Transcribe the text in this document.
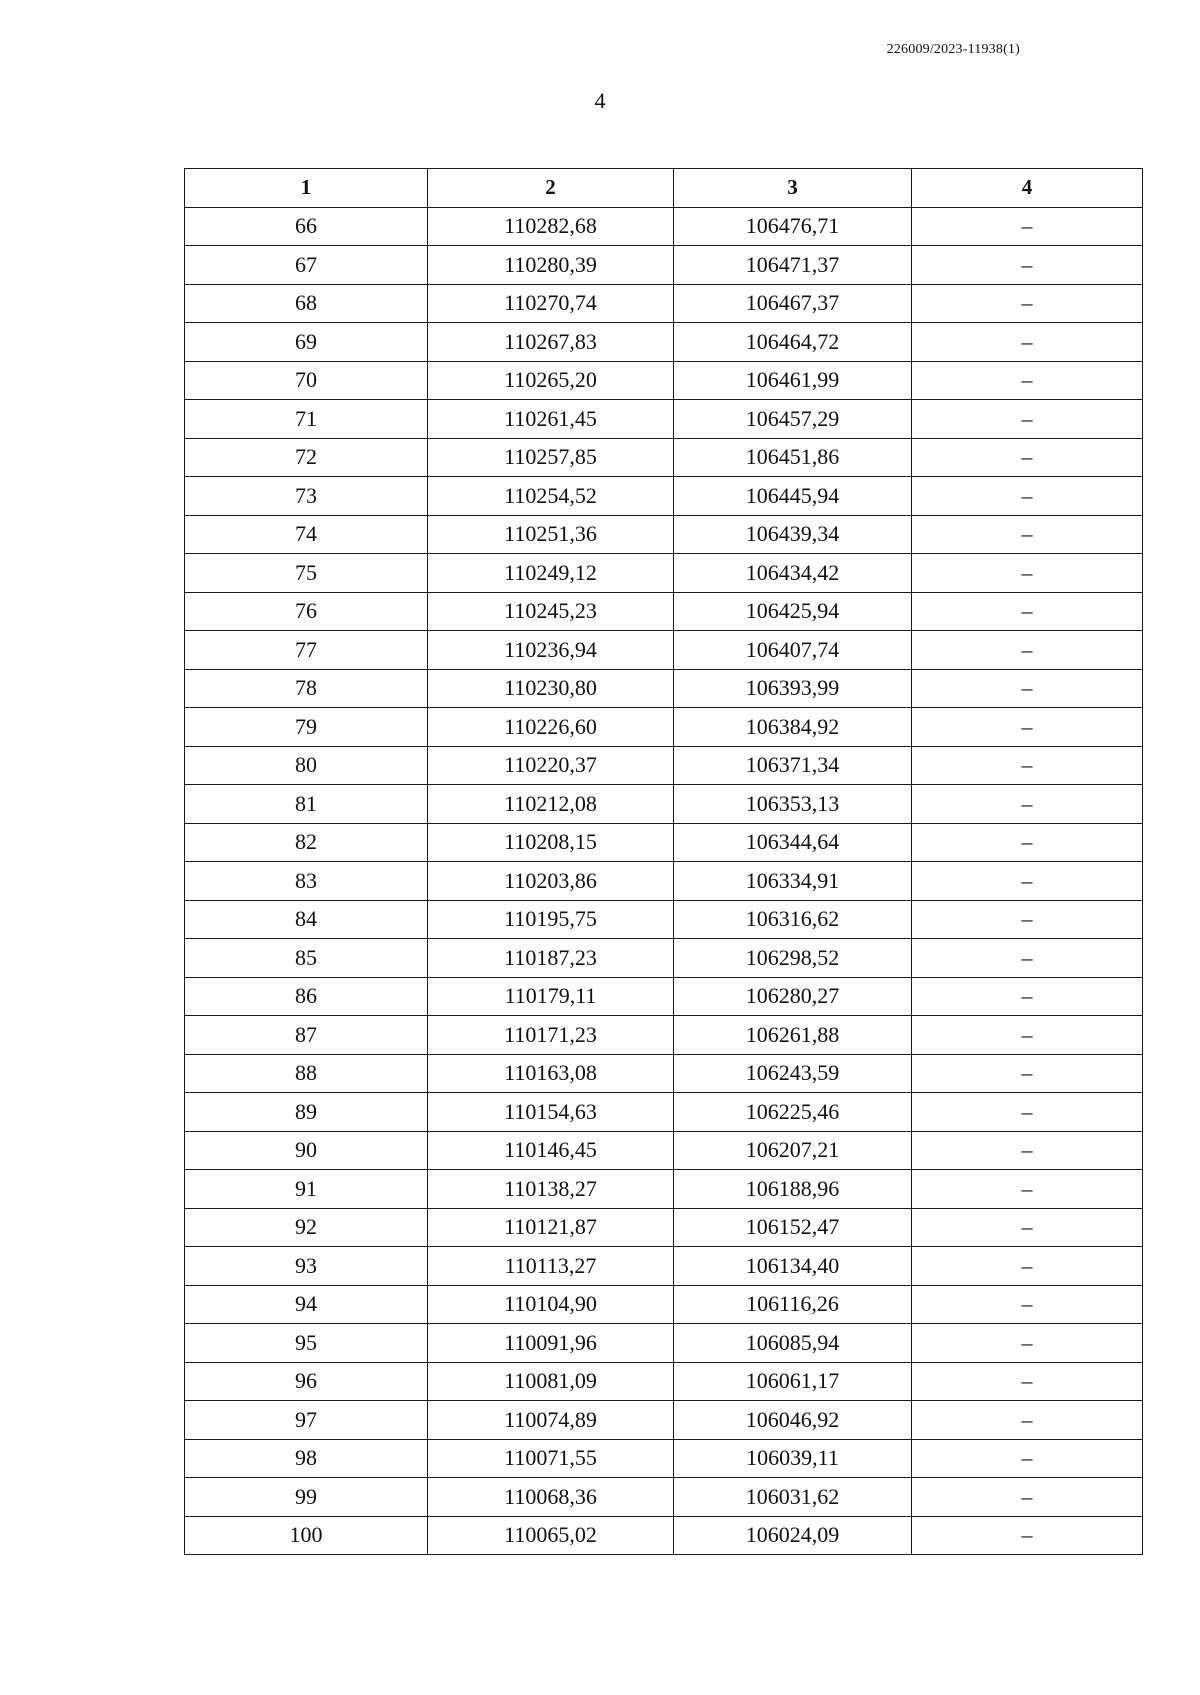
226009/2023-11938(1)
4
1	2	3	4
66	110282,68	106476,71	–
67	110280,39	106471,37	–
68	110270,74	106467,37	–
69	110267,83	106464,72	–
70	110265,20	106461,99	–
71	110261,45	106457,29	–
72	110257,85	106451,86	–
73	110254,52	106445,94	–
74	110251,36	106439,34	–
75	110249,12	106434,42	–
76	110245,23	106425,94	–
77	110236,94	106407,74	–
78	110230,80	106393,99	–
79	110226,60	106384,92	–
80	110220,37	106371,34	–
81	110212,08	106353,13	–
82	110208,15	106344,64	–
83	110203,86	106334,91	–
84	110195,75	106316,62	–
85	110187,23	106298,52	–
86	110179,11	106280,27	–
87	110171,23	106261,88	–
88	110163,08	106243,59	–
89	110154,63	106225,46	–
90	110146,45	106207,21	–
91	110138,27	106188,96	–
92	110121,87	106152,47	–
93	110113,27	106134,40	–
94	110104,90	106116,26	–
95	110091,96	106085,94	–
96	110081,09	106061,17	–
97	110074,89	106046,92	–
98	110071,55	106039,11	–
99	110068,36	106031,62	–
100	110065,02	106024,09	–
